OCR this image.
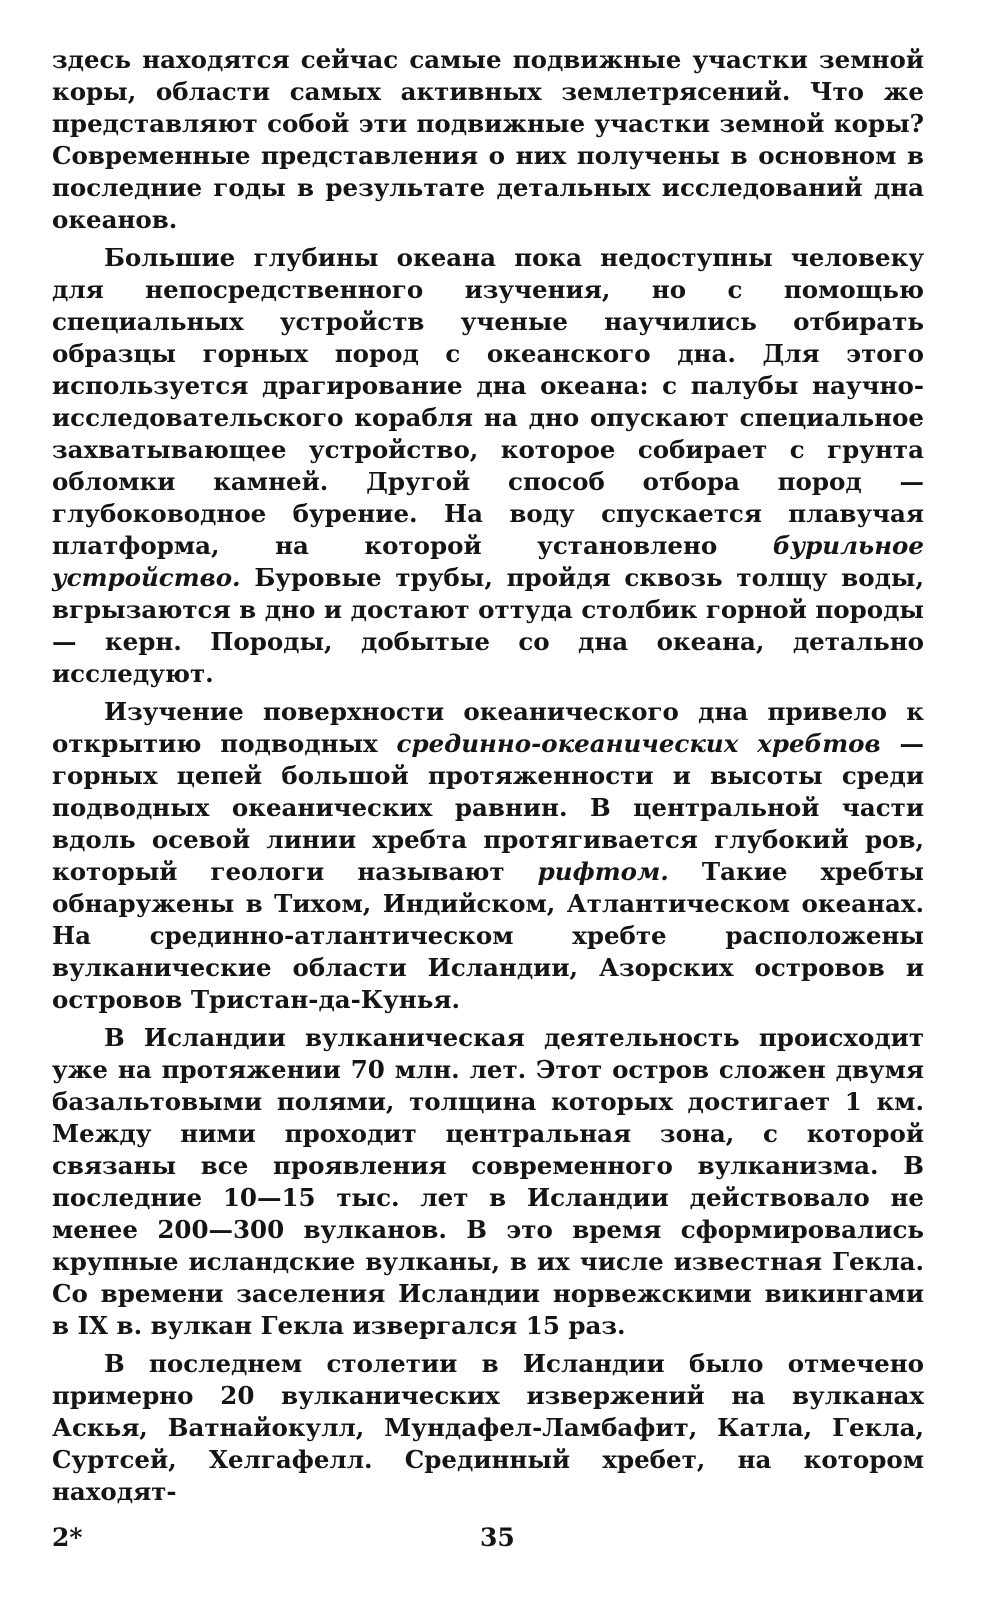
здесь находятся сейчас самые подвижные участки земной коры, области самых активных землетрясений. Что же представляют собой эти подвижные участки земной коры? Современные представления о них получены в основном в последние годы в результате детальных исследований дна океанов.

Большие глубины океана пока недоступны человеку для непосредственного изучения, но с помощью специальных устройств ученые научились отбирать образцы горных пород с океанского дна. Для этого используется драгирование дна океана: с палубы научно-исследовательского корабля на дно опускают специальное захватывающее устройство, которое собирает с грунта обломки камней. Другой способ отбора пород — глубоководное бурение. На воду спускается плавучая платформа, на которой установлено бурильное устройство. Буровые трубы, пройдя сквозь толщу воды, вгрызаются в дно и достают оттуда столбик горной породы — керн. Породы, добытые со дна океана, детально исследуют.

Изучение поверхности океанического дна привело к открытию подводных срединно-океанических хребтов — горных цепей большой протяженности и высоты среди подводных океанических равнин. В центральной части вдоль осевой линии хребта протягивается глубокий ров, который геологи называют рифтом. Такие хребты обнаружены в Тихом, Индийском, Атлантическом океанах. На срединно-атлантическом хребте расположены вулканические области Исландии, Азорских островов и островов Тристан-да-Кунья.

В Исландии вулканическая деятельность происходит уже на протяжении 70 млн. лет. Этот остров сложен двумя базальтовыми полями, толщина которых достигает 1 км. Между ними проходит центральная зона, с которой связаны все проявления современного вулканизма. В последние 10—15 тыс. лет в Исландии действовало не менее 200—300 вулканов. В это время сформировались крупные исландские вулканы, в их числе известная Гекла. Со времени заселения Исландии норвежскими викингами в IX в. вулкан Гекла извергался 15 раз.

В последнем столетии в Исландии было отмечено примерно 20 вулканических извержений на вулканах Аскья, Ватнайокулл, Мундафел-Ламбафит, Катла, Гекла, Суртсей, Хелгафелл. Срединный хребет, на котором находят-

2*	35
